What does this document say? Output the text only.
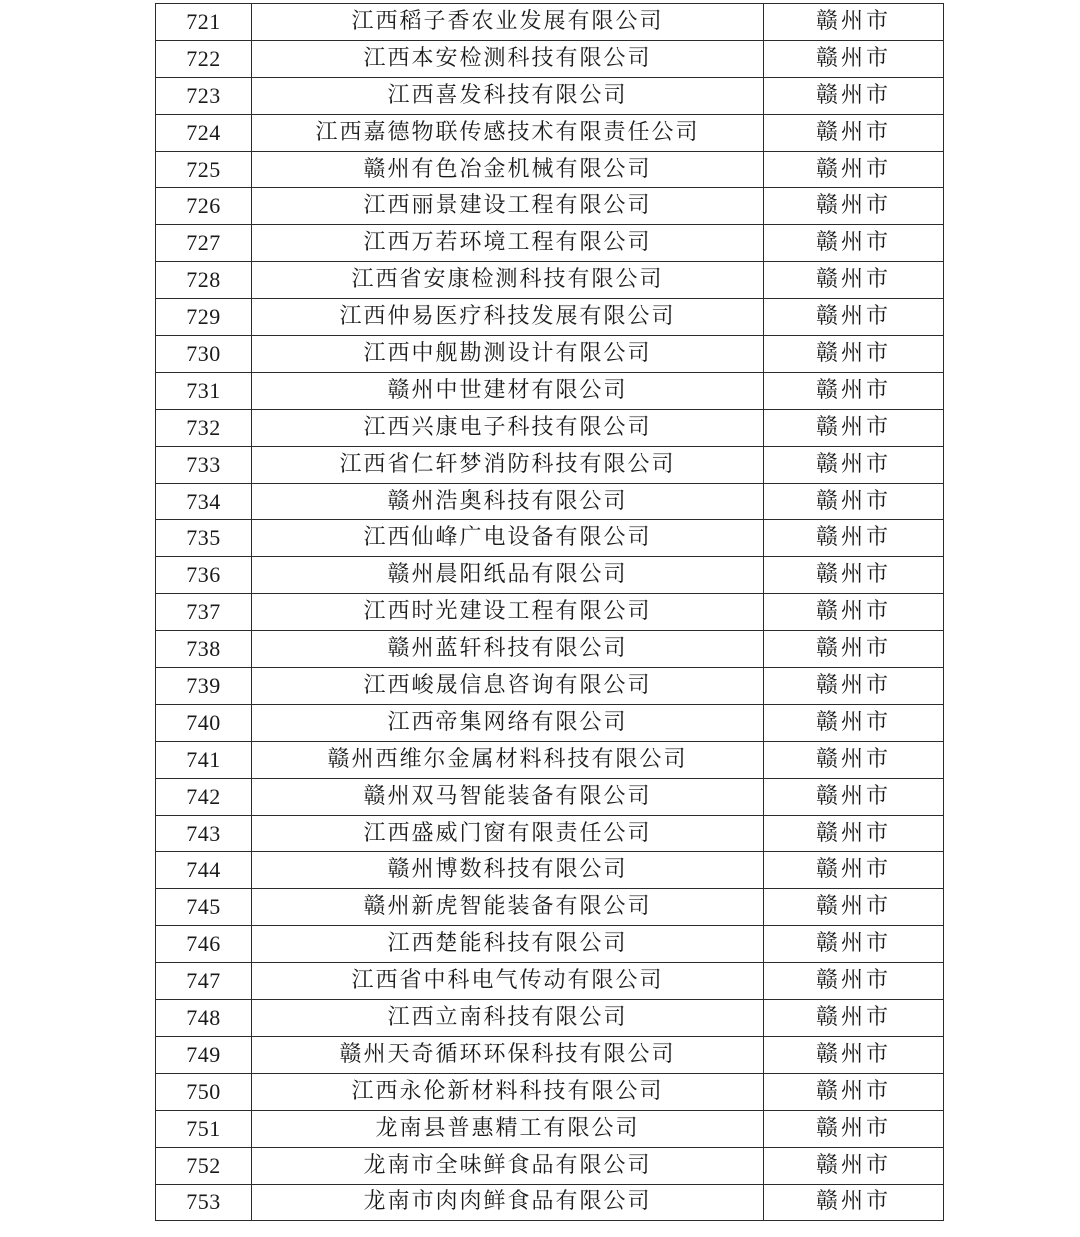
721	江西稻子香农业发展有限公司	赣州市
722	江西本安检测科技有限公司	赣州市
723	江西喜发科技有限公司	赣州市
724	江西嘉德物联传感技术有限责任公司	赣州市
725	赣州有色冶金机械有限公司	赣州市
726	江西丽景建设工程有限公司	赣州市
727	江西万若环境工程有限公司	赣州市
728	江西省安康检测科技有限公司	赣州市
729	江西仲易医疗科技发展有限公司	赣州市
730	江西中舰勘测设计有限公司	赣州市
731	赣州中世建材有限公司	赣州市
732	江西兴康电子科技有限公司	赣州市
733	江西省仁轩梦消防科技有限公司	赣州市
734	赣州浩奥科技有限公司	赣州市
735	江西仙峰广电设备有限公司	赣州市
736	赣州晨阳纸品有限公司	赣州市
737	江西时光建设工程有限公司	赣州市
738	赣州蓝轩科技有限公司	赣州市
739	江西峻晟信息咨询有限公司	赣州市
740	江西帝集网络有限公司	赣州市
741	赣州西维尔金属材料科技有限公司	赣州市
742	赣州双马智能装备有限公司	赣州市
743	江西盛威门窗有限责任公司	赣州市
744	赣州博数科技有限公司	赣州市
745	赣州新虎智能装备有限公司	赣州市
746	江西楚能科技有限公司	赣州市
747	江西省中科电气传动有限公司	赣州市
748	江西立南科技有限公司	赣州市
749	赣州天奇循环环保科技有限公司	赣州市
750	江西永伦新材料科技有限公司	赣州市
751	龙南县普惠精工有限公司	赣州市
752	龙南市全味鲜食品有限公司	赣州市
753	龙南市肉肉鲜食品有限公司	赣州市
